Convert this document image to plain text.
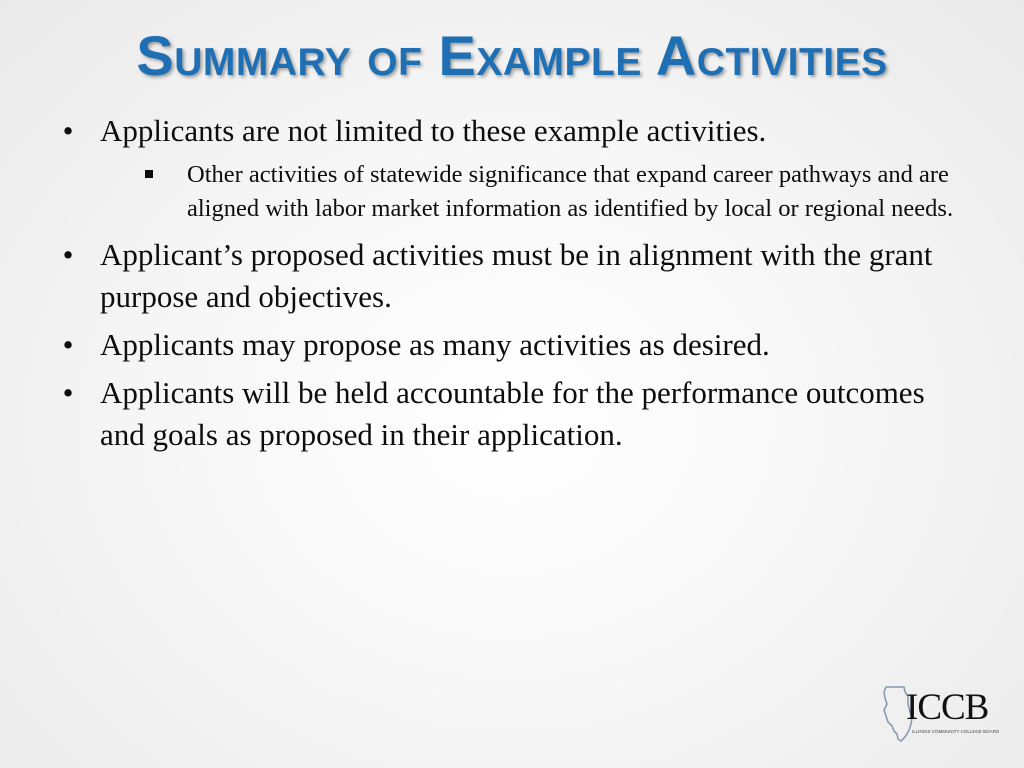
Summary of Example Activities
• Applicants are not limited to these example activities.
Other activities of statewide significance that expand career pathways and are aligned with labor market information as identified by local or regional needs.
• Applicant’s proposed activities must be in alignment with the grant purpose and objectives.
• Applicants may propose as many activities as desired.
• Applicants will be held accountable for the performance outcomes and goals as proposed in their application.
ICCB
ILLINOIS COMMUNITY COLLEGE BOARD
